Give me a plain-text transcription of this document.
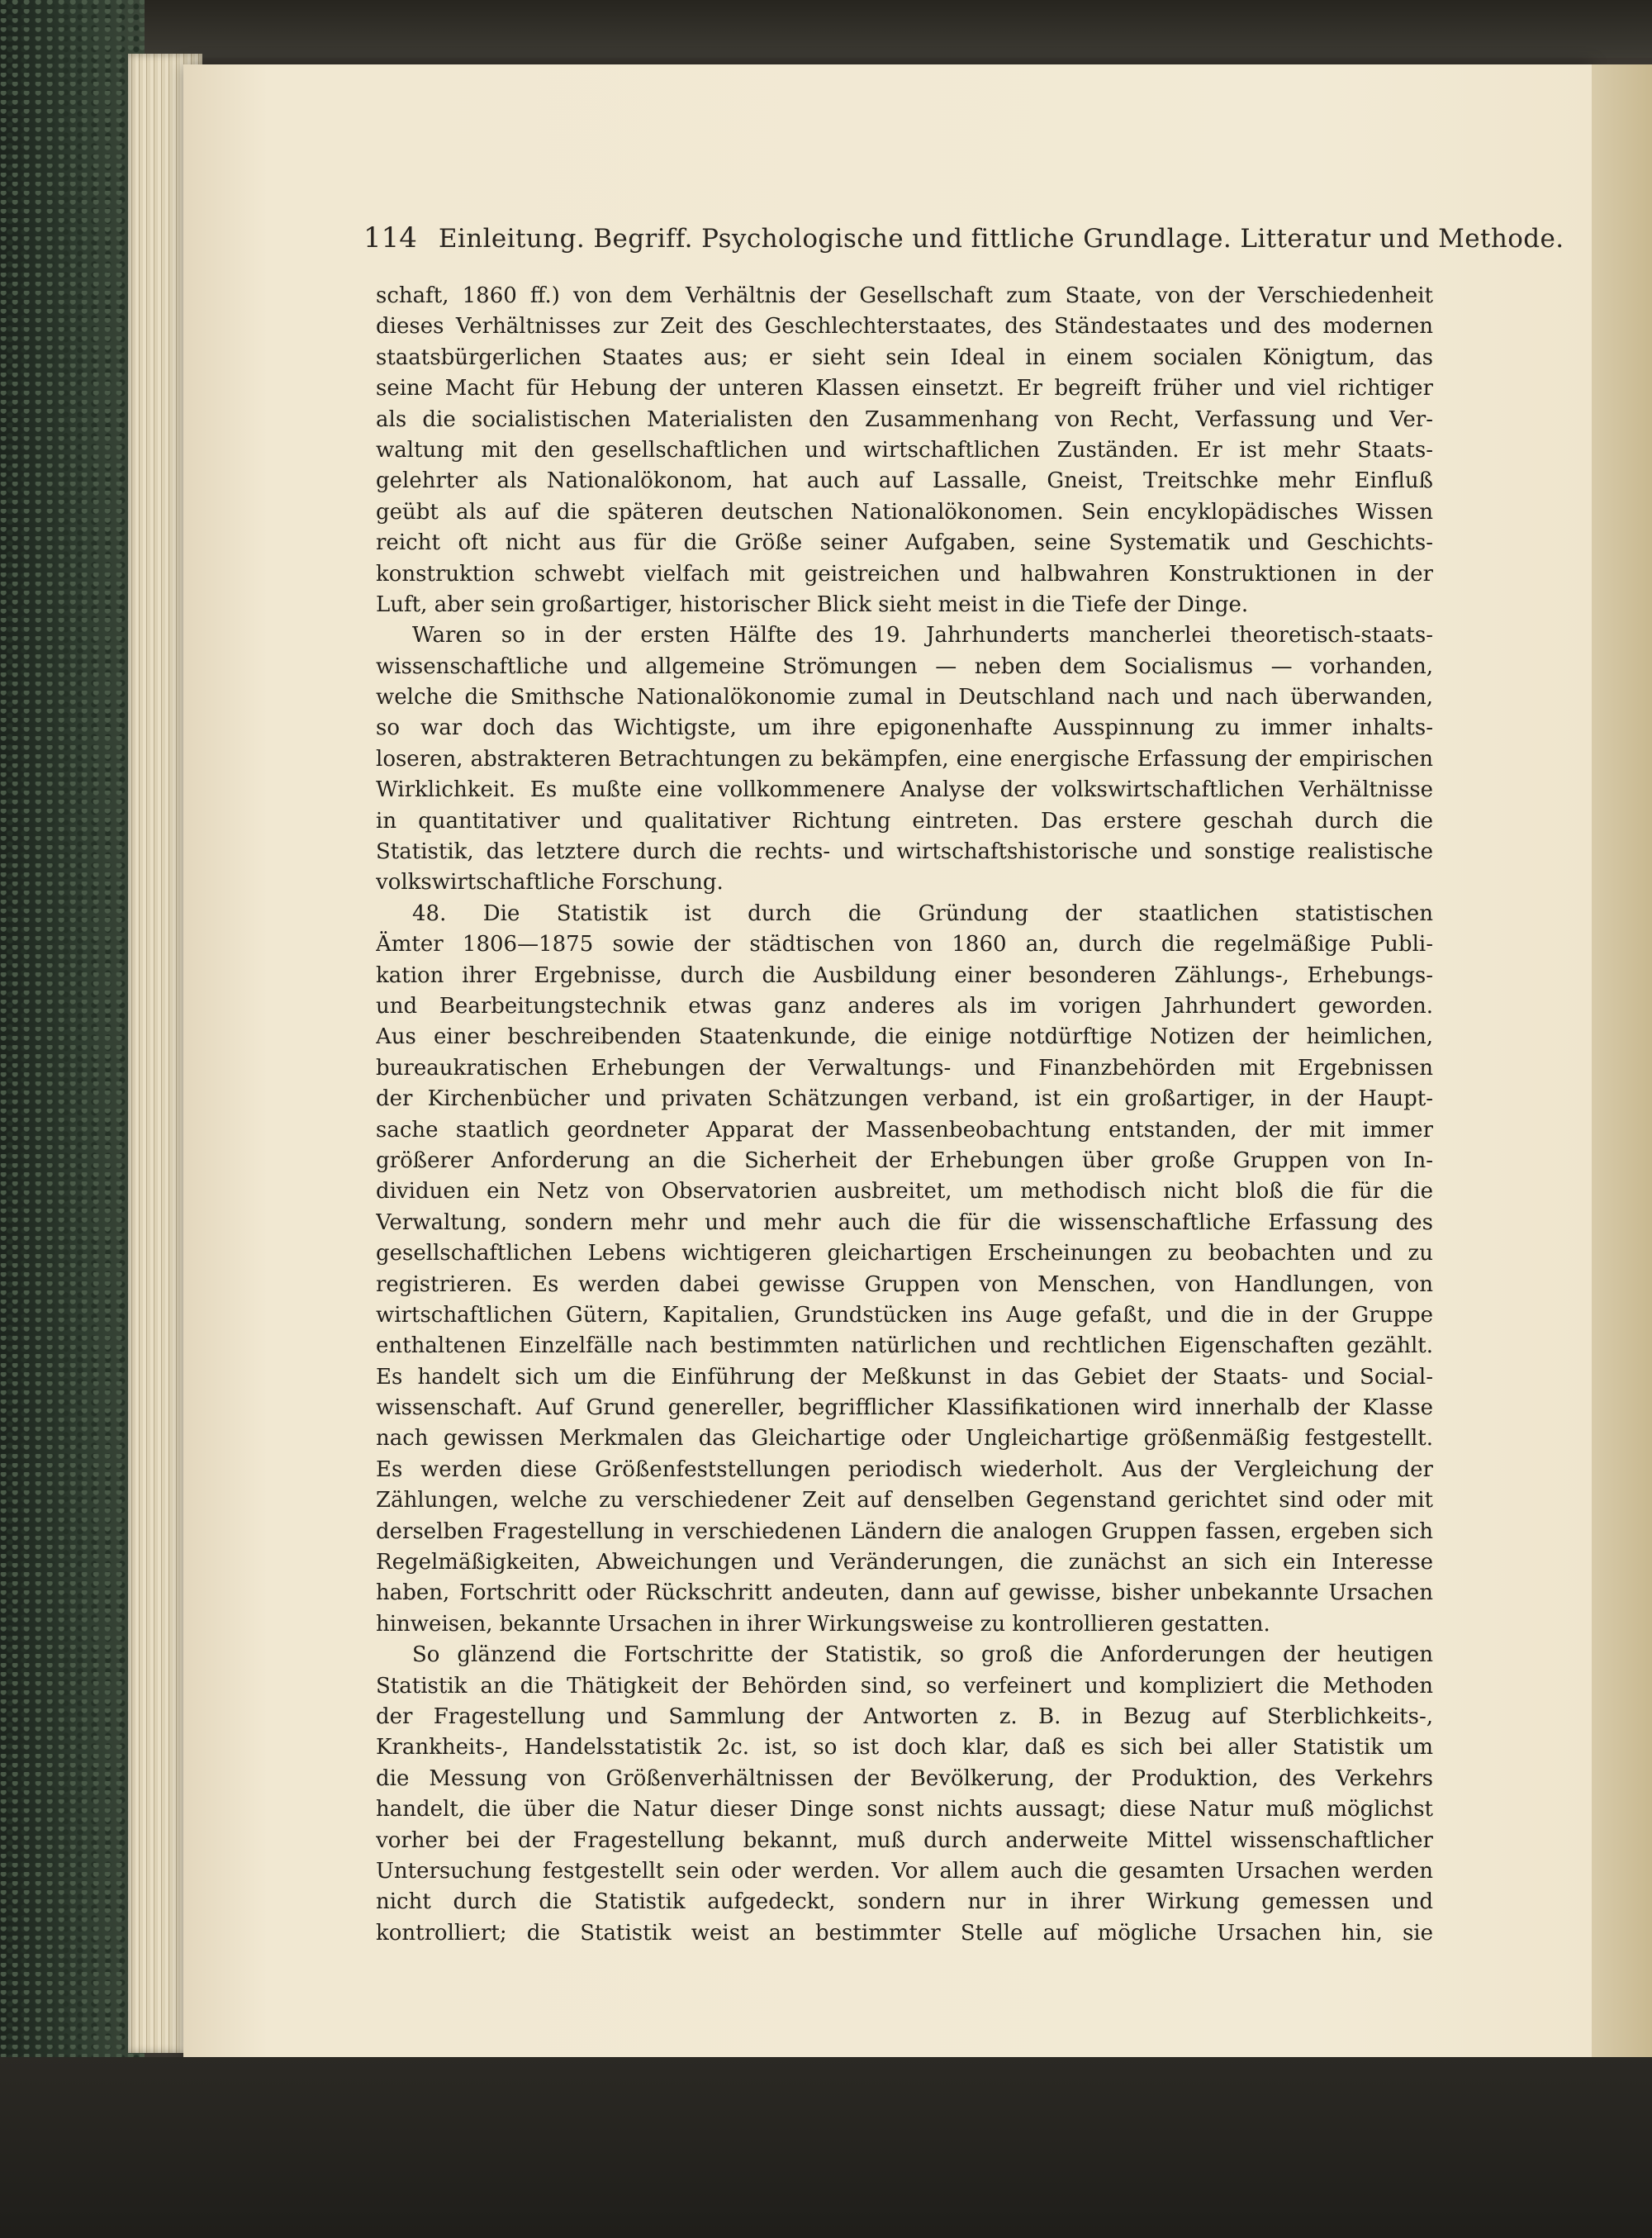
114 Einleitung. Begriff. Psychologische und fittliche Grundlage. Litteratur und Methode.
schaft, 1860 ff.) von dem Verhältnis der Gesellschaft zum Staate, von der Verschiedenheit
dieses Verhältnisses zur Zeit des Geschlechterstaates, des Ständestaates und des modernen
staatsbürgerlichen Staates aus; er sieht sein Ideal in einem socialen Königtum, das
seine Macht für Hebung der unteren Klassen einsetzt. Er begreift früher und viel richtiger
als die socialistischen Materialisten den Zusammenhang von Recht, Verfassung und Ver-
waltung mit den gesellschaftlichen und wirtschaftlichen Zuständen. Er ist mehr Staats-
gelehrter als Nationalökonom, hat auch auf Lassalle, Gneist, Treitschke mehr Einfluß
geübt als auf die späteren deutschen Nationalökonomen. Sein encyklopädisches Wissen
reicht oft nicht aus für die Größe seiner Aufgaben, seine Systematik und Geschichts-
konstruktion schwebt vielfach mit geistreichen und halbwahren Konstruktionen in der
Luft, aber sein großartiger, historischer Blick sieht meist in die Tiefe der Dinge.
Waren so in der ersten Hälfte des 19. Jahrhunderts mancherlei theoretisch-staats-
wissenschaftliche und allgemeine Strömungen — neben dem Socialismus — vorhanden,
welche die Smithsche Nationalökonomie zumal in Deutschland nach und nach überwanden,
so war doch das Wichtigste, um ihre epigonenhafte Ausspinnung zu immer inhalts-
loseren, abstrakteren Betrachtungen zu bekämpfen, eine energische Erfassung der empirischen
Wirklichkeit. Es mußte eine vollkommenere Analyse der volkswirtschaftlichen Verhältnisse
in quantitativer und qualitativer Richtung eintreten. Das erstere geschah durch die
Statistik, das letztere durch die rechts- und wirtschaftshistorische und sonstige realistische
volkswirtschaftliche Forschung.
48. Die Statistik ist durch die Gründung der staatlichen statistischen
Ämter 1806—1875 sowie der städtischen von 1860 an, durch die regelmäßige Publi-
kation ihrer Ergebnisse, durch die Ausbildung einer besonderen Zählungs-, Erhebungs-
und Bearbeitungstechnik etwas ganz anderes als im vorigen Jahrhundert geworden.
Aus einer beschreibenden Staatenkunde, die einige notdürftige Notizen der heimlichen,
bureaukratischen Erhebungen der Verwaltungs- und Finanzbehörden mit Ergebnissen
der Kirchenbücher und privaten Schätzungen verband, ist ein großartiger, in der Haupt-
sache staatlich geordneter Apparat der Massenbeobachtung entstanden, der mit immer
größerer Anforderung an die Sicherheit der Erhebungen über große Gruppen von In-
dividuen ein Netz von Observatorien ausbreitet, um methodisch nicht bloß die für die
Verwaltung, sondern mehr und mehr auch die für die wissenschaftliche Erfassung des
gesellschaftlichen Lebens wichtigeren gleichartigen Erscheinungen zu beobachten und zu
registrieren. Es werden dabei gewisse Gruppen von Menschen, von Handlungen, von
wirtschaftlichen Gütern, Kapitalien, Grundstücken ins Auge gefaßt, und die in der Gruppe
enthaltenen Einzelfälle nach bestimmten natürlichen und rechtlichen Eigenschaften gezählt.
Es handelt sich um die Einführung der Meßkunst in das Gebiet der Staats- und Social-
wissenschaft. Auf Grund genereller, begrifflicher Klassifikationen wird innerhalb der Klasse
nach gewissen Merkmalen das Gleichartige oder Ungleichartige größenmäßig festgestellt.
Es werden diese Größenfeststellungen periodisch wiederholt. Aus der Vergleichung der
Zählungen, welche zu verschiedener Zeit auf denselben Gegenstand gerichtet sind oder mit
derselben Fragestellung in verschiedenen Ländern die analogen Gruppen fassen, ergeben sich
Regelmäßigkeiten, Abweichungen und Veränderungen, die zunächst an sich ein Interesse
haben, Fortschritt oder Rückschritt andeuten, dann auf gewisse, bisher unbekannte Ursachen
hinweisen, bekannte Ursachen in ihrer Wirkungsweise zu kontrollieren gestatten.
So glänzend die Fortschritte der Statistik, so groß die Anforderungen der heutigen
Statistik an die Thätigkeit der Behörden sind, so verfeinert und kompliziert die Methoden
der Fragestellung und Sammlung der Antworten z. B. in Bezug auf Sterblichkeits-,
Krankheits-, Handelsstatistik 2c. ist, so ist doch klar, daß es sich bei aller Statistik um
die Messung von Größenverhältnissen der Bevölkerung, der Produktion, des Verkehrs
handelt, die über die Natur dieser Dinge sonst nichts aussagt; diese Natur muß möglichst
vorher bei der Fragestellung bekannt, muß durch anderweite Mittel wissenschaftlicher
Untersuchung festgestellt sein oder werden. Vor allem auch die gesamten Ursachen werden
nicht durch die Statistik aufgedeckt, sondern nur in ihrer Wirkung gemessen und
kontrolliert; die Statistik weist an bestimmter Stelle auf mögliche Ursachen hin, sie
